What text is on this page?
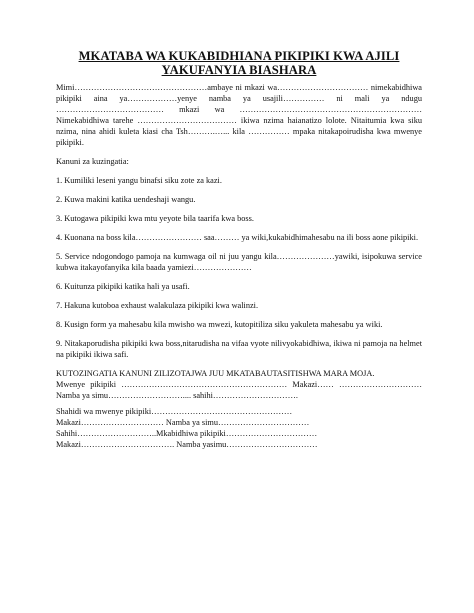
MKATABA WA KUKABIDHIANA PIKIPIKI KWA AJILI
YAKUFANYIA BIASHARA

Mimi…………………………………………ambaye ni mkazi wa…………………………… nimekabidhiwa pikipiki aina ya………………yenye namba ya usajili…………… ni mali ya ndugu ………………………………… mkazi wa ………………………………………………………… Nimekabidhiwa tarehe ……………………………… ikiwa nzima haianatizo lolote. Nitaitumia kwa siku nzima, nina ahidi kuleta kiasi cha Tsh……….…... kila …………… mpaka nitakapoirudisha kwa mwenye pikipiki.

Kanuni za kuzingatia:

1. Kumiliki leseni yangu binafsi siku zote za kazi.

2. Kuwa makini katika uendeshaji wangu.

3. Kutogawa pikipiki kwa mtu yeyote bila taarifa kwa boss.

4. Kuonana na boss kila…………………… saa……… ya wiki,kukabidhimahesabu na ili boss aone pikipiki.

5. Service ndogondogo pamoja na kumwaga oil ni juu yangu kila…………………yawiki, isipokuwa service kubwa itakayofanyika kila baada yamiezi…………………

6. Kuitunza pikipiki katika hali ya usafi.

7. Hakuna kutoboa exhaust walakulaza pikipiki kwa walinzi.

8. Kusign form ya mahesabu kila mwisho wa mwezi, kutopitiliza siku yakuleta mahesabu ya wiki.

9. Nitakaporudisha pikipiki kwa boss,nitarudisha na vifaa vyote nilivyokabidhiwa, ikiwa ni pamoja na helmet na pikipiki ikiwa safi.

KUTOZINGATIA KANUNI ZILIZOTAJWA JUU MKATABAUTASITISHWA MARA MOJA.

Mwenye pikipiki …………………………………………………… Makazi…… ………………………… Namba ya simu……………………….... sahihi………………………….

Shahidi wa mwenye pikipiki……………………………………………

Makazi………………………… Namba ya simu……………………………

Sahihi………………………..Mkabidhiwa pikipiki……………………………

Makazi……………………………. Namba yasimu……………………………
